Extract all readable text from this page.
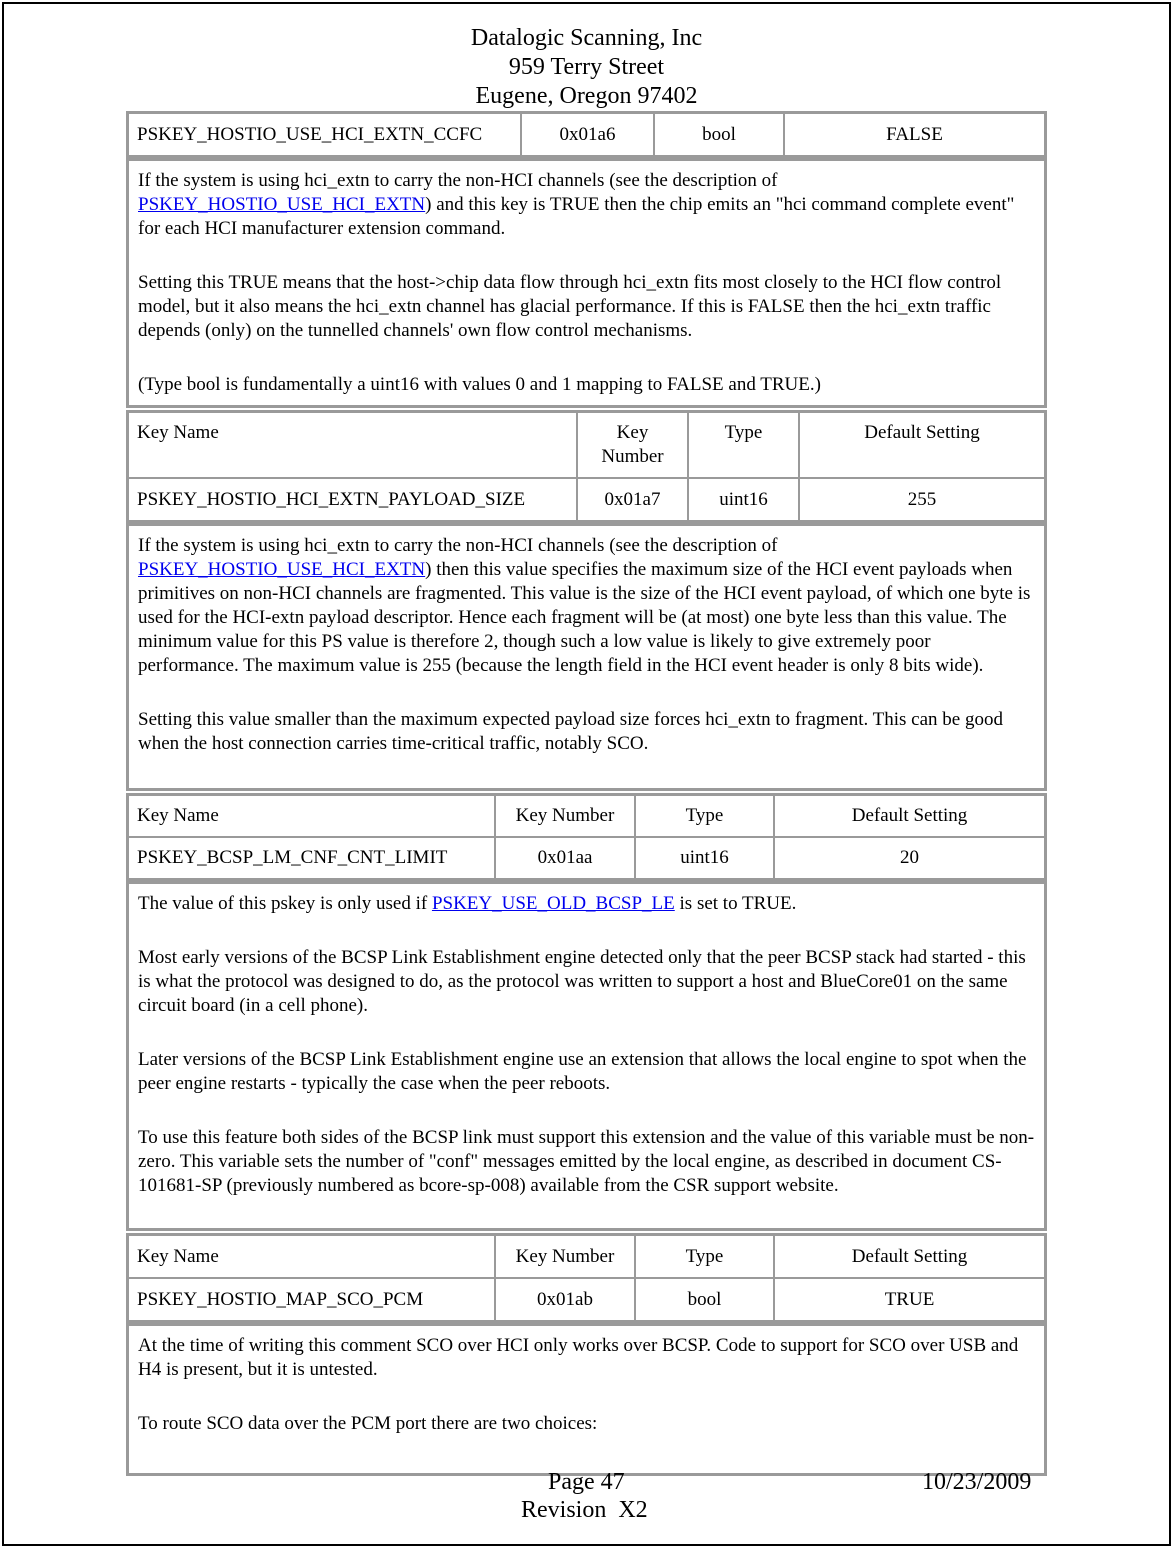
Datalogic Scanning, Inc
959 Terry Street
Eugene, Oregon 97402
PSKEY_HOSTIO_USE_HCI_EXTN_CCFC	0x01a6	bool	FALSE

If the system is using hci_extn to carry the non-HCI channels (see the description of PSKEY_HOSTIO_USE_HCI_EXTN) and this key is TRUE then the chip emits an "hci command complete event" for each HCI manufacturer extension command.

Setting this TRUE means that the host->chip data flow through hci_extn fits most closely to the HCI flow control model, but it also means the hci_extn channel has glacial performance. If this is FALSE then the hci_extn traffic depends (only) on the tunnelled channels' own flow control mechanisms.

(Type bool is fundamentally a uint16 with values 0 and 1 mapping to FALSE and TRUE.)

Key Name	Key Number	Type	Default Setting
PSKEY_HOSTIO_HCI_EXTN_PAYLOAD_SIZE	0x01a7	uint16	255

If the system is using hci_extn to carry the non-HCI channels (see the description of PSKEY_HOSTIO_USE_HCI_EXTN) then this value specifies the maximum size of the HCI event payloads when primitives on non-HCI channels are fragmented. This value is the size of the HCI event payload, of which one byte is used for the HCI-extn payload descriptor. Hence each fragment will be (at most) one byte less than this value. The minimum value for this PS value is therefore 2, though such a low value is likely to give extremely poor performance. The maximum value is 255 (because the length field in the HCI event header is only 8 bits wide).

Setting this value smaller than the maximum expected payload size forces hci_extn to fragment. This can be good when the host connection carries time-critical traffic, notably SCO.

Key Name	Key Number	Type	Default Setting
PSKEY_BCSP_LM_CNF_CNT_LIMIT	0x01aa	uint16	20

The value of this pskey is only used if PSKEY_USE_OLD_BCSP_LE is set to TRUE.

Most early versions of the BCSP Link Establishment engine detected only that the peer BCSP stack had started - this is what the protocol was designed to do, as the protocol was written to support a host and BlueCore01 on the same circuit board (in a cell phone).

Later versions of the BCSP Link Establishment engine use an extension that allows the local engine to spot when the peer engine restarts - typically the case when the peer reboots.

To use this feature both sides of the BCSP link must support this extension and the value of this variable must be non-zero. This variable sets the number of "conf" messages emitted by the local engine, as described in document CS-101681-SP (previously numbered as bcore-sp-008) available from the CSR support website.

Key Name	Key Number	Type	Default Setting
PSKEY_HOSTIO_MAP_SCO_PCM	0x01ab	bool	TRUE

At the time of writing this comment SCO over HCI only works over BCSP. Code to support for SCO over USB and H4 is present, but it is untested.

To route SCO data over the PCM port there are two choices:

Page 47	10/23/2009
Revision  X2
